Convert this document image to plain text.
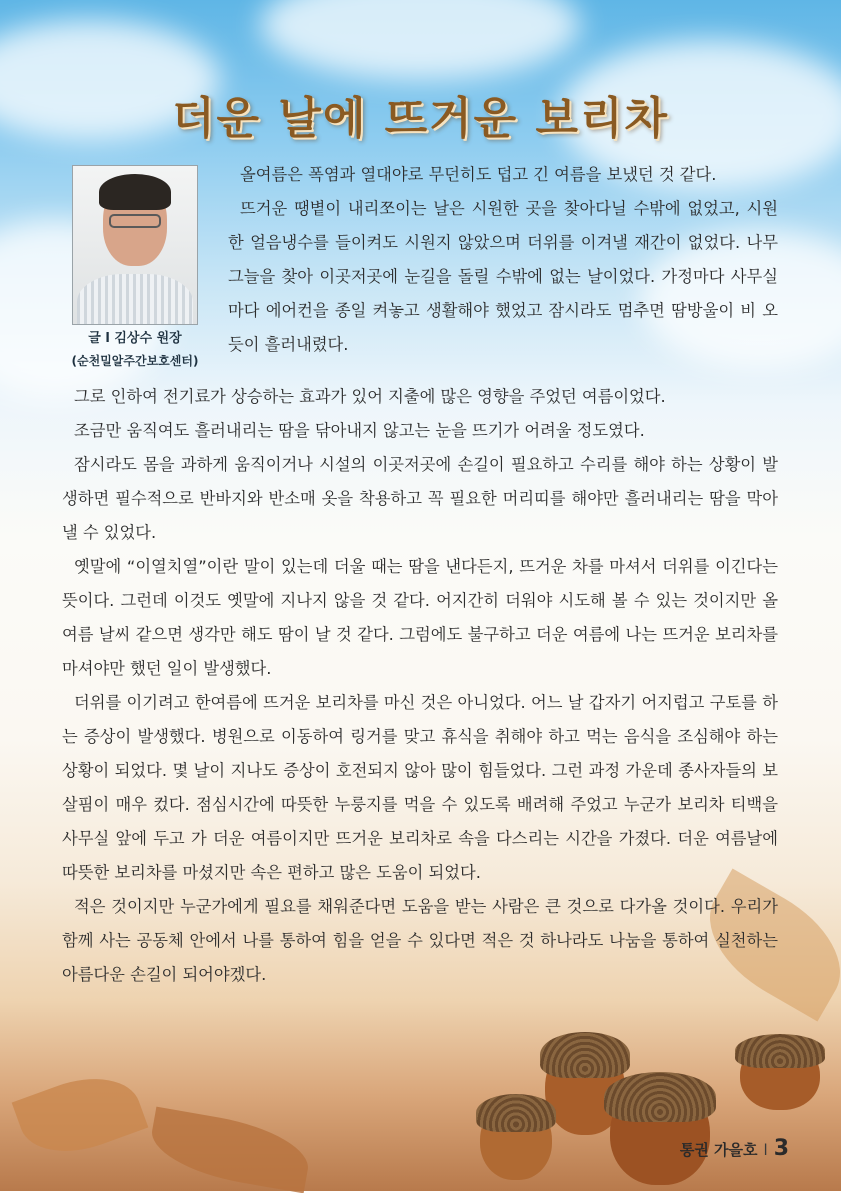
더운 날에 뜨거운 보리차
글 l 김상수 원장
(순천밀알주간보호센터)

올여름은 폭염과 열대야로 무던히도 덥고 긴 여름을 보냈던 것 같다.

뜨거운 땡볕이 내리쪼이는 날은 시원한 곳을 찾아다닐 수밖에 없었고, 시원한 얼음냉수를 들이켜도 시원지 않았으며 더위를 이겨낼 재간이 없었다. 나무 그늘을 찾아 이곳저곳에 눈길을 돌릴 수밖에 없는 날이었다. 가정마다 사무실마다 에어컨을 종일 켜놓고 생활해야 했었고 잠시라도 멈추면 땀방울이 비 오듯이 흘러내렸다.

그로 인하여 전기료가 상승하는 효과가 있어 지출에 많은 영향을 주었던 여름이었다.

조금만 움직여도 흘러내리는 땀을 닦아내지 않고는 눈을 뜨기가 어려울 정도였다.

잠시라도 몸을 과하게 움직이거나 시설의 이곳저곳에 손길이 필요하고 수리를 해야 하는 상황이 발생하면 필수적으로 반바지와 반소매 옷을 착용하고 꼭 필요한 머리띠를 해야만 흘러내리는 땀을 막아낼 수 있었다.

옛말에 “이열치열”이란 말이 있는데 더울 때는 땀을 낸다든지, 뜨거운 차를 마셔서 더위를 이긴다는 뜻이다. 그런데 이것도 옛말에 지나지 않을 것 같다. 어지간히 더워야 시도해 볼 수 있는 것이지만 올여름 날씨 같으면 생각만 해도 땀이 날 것 같다. 그럼에도 불구하고 더운 여름에 나는 뜨거운 보리차를 마셔야만 했던 일이 발생했다.

더위를 이기려고 한여름에 뜨거운 보리차를 마신 것은 아니었다. 어느 날 갑자기 어지럽고 구토를 하는 증상이 발생했다. 병원으로 이동하여 링거를 맞고 휴식을 취해야 하고 먹는 음식을 조심해야 하는 상황이 되었다. 몇 날이 지나도 증상이 호전되지 않아 많이 힘들었다. 그런 과정 가운데 종사자들의 보살핌이 매우 컸다. 점심시간에 따뜻한 누룽지를 먹을 수 있도록 배려해 주었고 누군가 보리차 티백을 사무실 앞에 두고 가 더운 여름이지만 뜨거운 보리차로 속을 다스리는 시간을 가졌다. 더운 여름날에 따뜻한 보리차를 마셨지만 속은 편하고 많은 도움이 되었다.

적은 것이지만 누군가에게 필요를 채워준다면 도움을 받는 사람은 큰 것으로 다가올 것이다. 우리가 함께 사는 공동체 안에서 나를 통하여 힘을 얻을 수 있다면 적은 것 하나라도 나눔을 통하여 실천하는 아름다운 손길이 되어야겠다.

통권 가을호 l 3
